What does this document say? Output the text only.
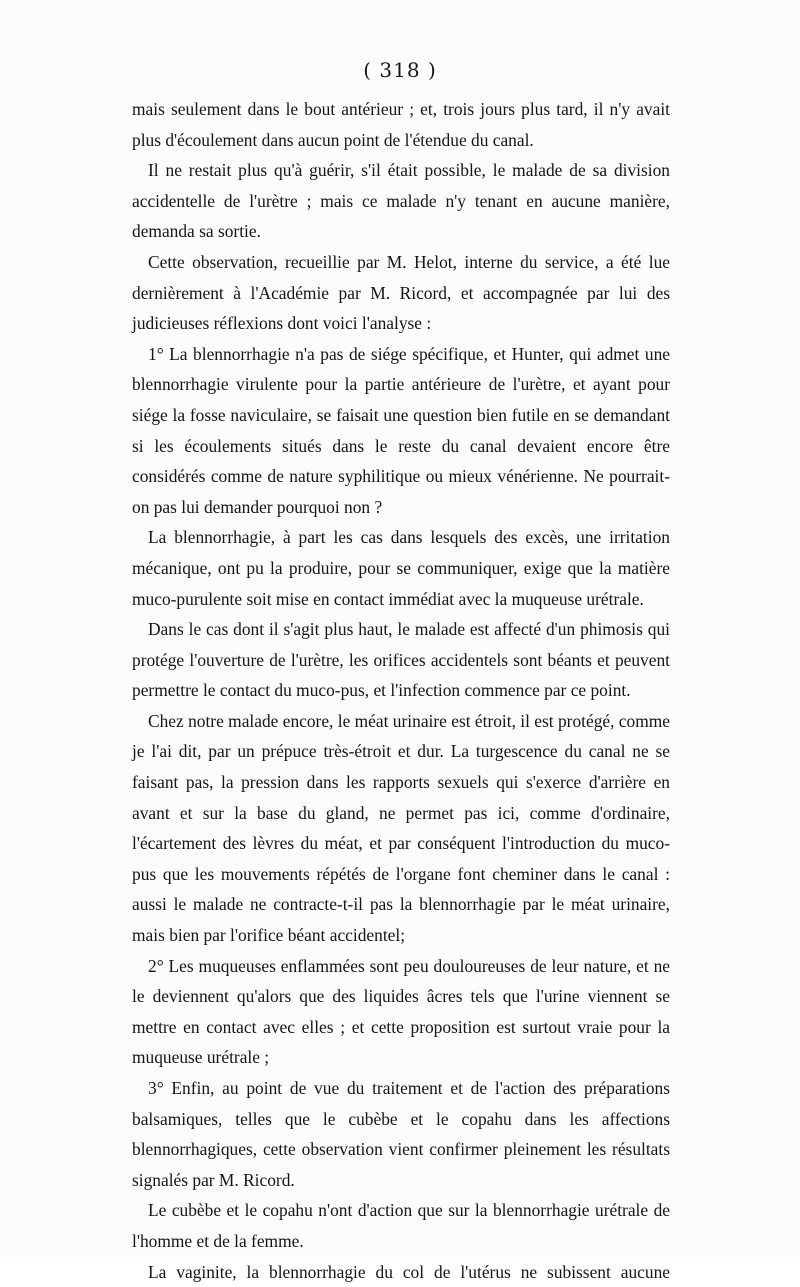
( 318 )

mais seulement dans le bout antérieur ; et, trois jours plus tard, il n'y avait plus d'écoulement dans aucun point de l'étendue du canal.

Il ne restait plus qu'à guérir, s'il était possible, le malade de sa division accidentelle de l'urètre ; mais ce malade n'y tenant en aucune manière, demanda sa sortie.

Cette observation, recueillie par M. Helot, interne du service, a été lue dernièrement à l'Académie par M. Ricord, et accompagnée par lui des judicieuses réflexions dont voici l'analyse :

1° La blennorrhagie n'a pas de siége spécifique, et Hunter, qui admet une blennorrhagie virulente pour la partie antérieure de l'urètre, et ayant pour siége la fosse naviculaire, se faisait une question bien futile en se demandant si les écoulements situés dans le reste du canal devaient encore être considérés comme de nature syphilitique ou mieux vénérienne. Ne pourrait-on pas lui demander pourquoi non ?

La blennorrhagie, à part les cas dans lesquels des excès, une irritation mécanique, ont pu la produire, pour se communiquer, exige que la matière muco-purulente soit mise en contact immédiat avec la muqueuse urétrale.

Dans le cas dont il s'agit plus haut, le malade est affecté d'un phimosis qui protége l'ouverture de l'urètre, les orifices accidentels sont béants et peuvent permettre le contact du muco-pus, et l'infection commence par ce point.

Chez notre malade encore, le méat urinaire est étroit, il est protégé, comme je l'ai dit, par un prépuce très-étroit et dur. La turgescence du canal ne se faisant pas, la pression dans les rapports sexuels qui s'exerce d'arrière en avant et sur la base du gland, ne permet pas ici, comme d'ordinaire, l'écartement des lèvres du méat, et par conséquent l'introduction du muco-pus que les mouvements répétés de l'organe font cheminer dans le canal : aussi le malade ne contracte-t-il pas la blennorrhagie par le méat urinaire, mais bien par l'orifice béant accidentel;

2° Les muqueuses enflammées sont peu douloureuses de leur nature, et ne le deviennent qu'alors que des liquides âcres tels que l'urine viennent se mettre en contact avec elles ; et cette proposition est surtout vraie pour la muqueuse urétrale ;

3° Enfin, au point de vue du traitement et de l'action des préparations balsamiques, telles que le cubèbe et le copahu dans les affections blennorrhagiques, cette observation vient confirmer pleinement les résultats signalés par M. Ricord.

Le cubèbe et le copahu n'ont d'action que sur la blennorrhagie urétrale de l'homme et de la femme.

La vaginite, la blennorrhagie du col de l'utérus ne subissent aucune
